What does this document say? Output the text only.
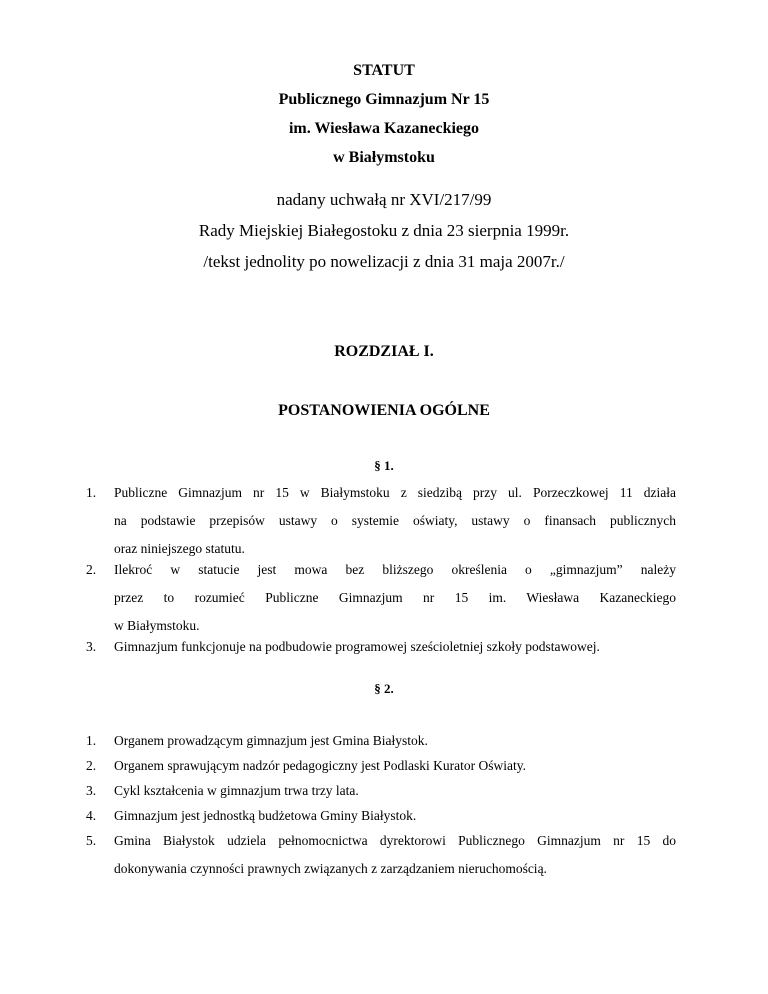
STATUT
Publicznego Gimnazjum Nr 15
im. Wiesława Kazaneckiego
w Białymstoku
nadany uchwałą nr XVI/217/99
Rady Miejskiej Białegostoku z dnia 23 sierpnia 1999r.
/tekst jednolity po nowelizacji z dnia 31 maja 2007r./
ROZDZIAŁ I.
POSTANOWIENIA OGÓLNE
§ 1.
1. Publiczne Gimnazjum nr 15 w Białymstoku z siedzibą przy ul. Porzeczkowej 11 działa
na podstawie przepisów ustawy o systemie oświaty, ustawy o finansach publicznych
oraz niniejszego statutu.
2. Ilekroć w statucie jest mowa bez bliższego określenia o „gimnazjum” należy
przez to rozumieć Publiczne Gimnazjum nr 15 im. Wiesława Kazaneckiego
w Białymstoku.
3. Gimnazjum funkcjonuje na podbudowie programowej sześcioletniej szkoły podstawowej.
§ 2.
1. Organem prowadzącym gimnazjum jest Gmina Białystok.
2. Organem sprawującym nadzór pedagogiczny jest Podlaski Kurator Oświaty.
3. Cykl kształcenia w gimnazjum trwa trzy lata.
4. Gimnazjum jest jednostką budżetowa Gminy Białystok.
5. Gmina Białystok udziela pełnomocnictwa dyrektorowi Publicznego Gimnazjum nr 15 do
dokonywania czynności prawnych związanych z zarządzaniem nieruchomością.
